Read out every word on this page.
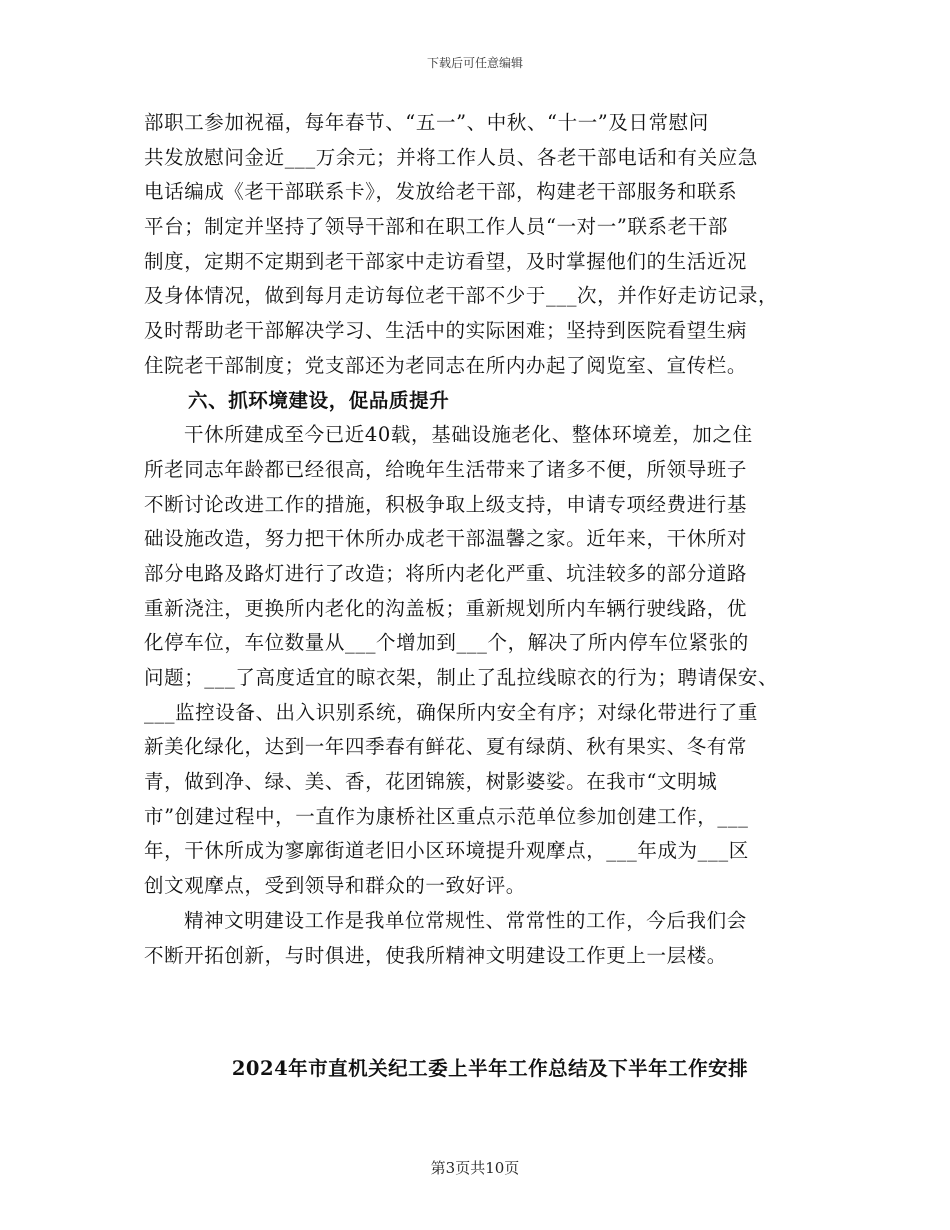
下载后可任意编辑
部职工参加祝福，每年春节、“五一”、中秋、“十一”及日常慰问
共发放慰问金近___万余元；并将工作人员、各老干部电话和有关应急
电话编成《老干部联系卡》，发放给老干部，构建老干部服务和联系
平台；制定并坚持了领导干部和在职工作人员“一对一”联系老干部
制度，定期不定期到老干部家中走访看望，及时掌握他们的生活近况
及身体情况，做到每月走访每位老干部不少于___次，并作好走访记录，
及时帮助老干部解决学习、生活中的实际困难；坚持到医院看望生病
住院老干部制度；党支部还为老同志在所内办起了阅览室、宣传栏。
六、抓环境建设，促品质提升
干休所建成至今已近40载，基础设施老化、整体环境差，加之住
所老同志年龄都已经很高，给晚年生活带来了诸多不便，所领导班子
不断讨论改进工作的措施，积极争取上级支持，申请专项经费进行基
础设施改造，努力把干休所办成老干部温馨之家。近年来，干休所对
部分电路及路灯进行了改造；将所内老化严重、坑洼较多的部分道路
重新浇注，更换所内老化的沟盖板；重新规划所内车辆行驶线路，优
化停车位，车位数量从___个增加到___个，解决了所内停车位紧张的
问题；___了高度适宜的晾衣架，制止了乱拉线晾衣的行为；聘请保安、
___监控设备、出入识别系统，确保所内安全有序；对绿化带进行了重
新美化绿化，达到一年四季春有鲜花、夏有绿荫、秋有果实、冬有常
青，做到净、绿、美、香，花团锦簇，树影婆娑。在我市“文明城
市”创建过程中，一直作为康桥社区重点示范单位参加创建工作，___
年，干休所成为寥廓街道老旧小区环境提升观摩点，___年成为___区
创文观摩点，受到领导和群众的一致好评。
精神文明建设工作是我单位常规性、常常性的工作，今后我们会
不断开拓创新，与时俱进，使我所精神文明建设工作更上一层楼。
2024年市直机关纪工委上半年工作总结及下半年工作安排
第3页共10页
